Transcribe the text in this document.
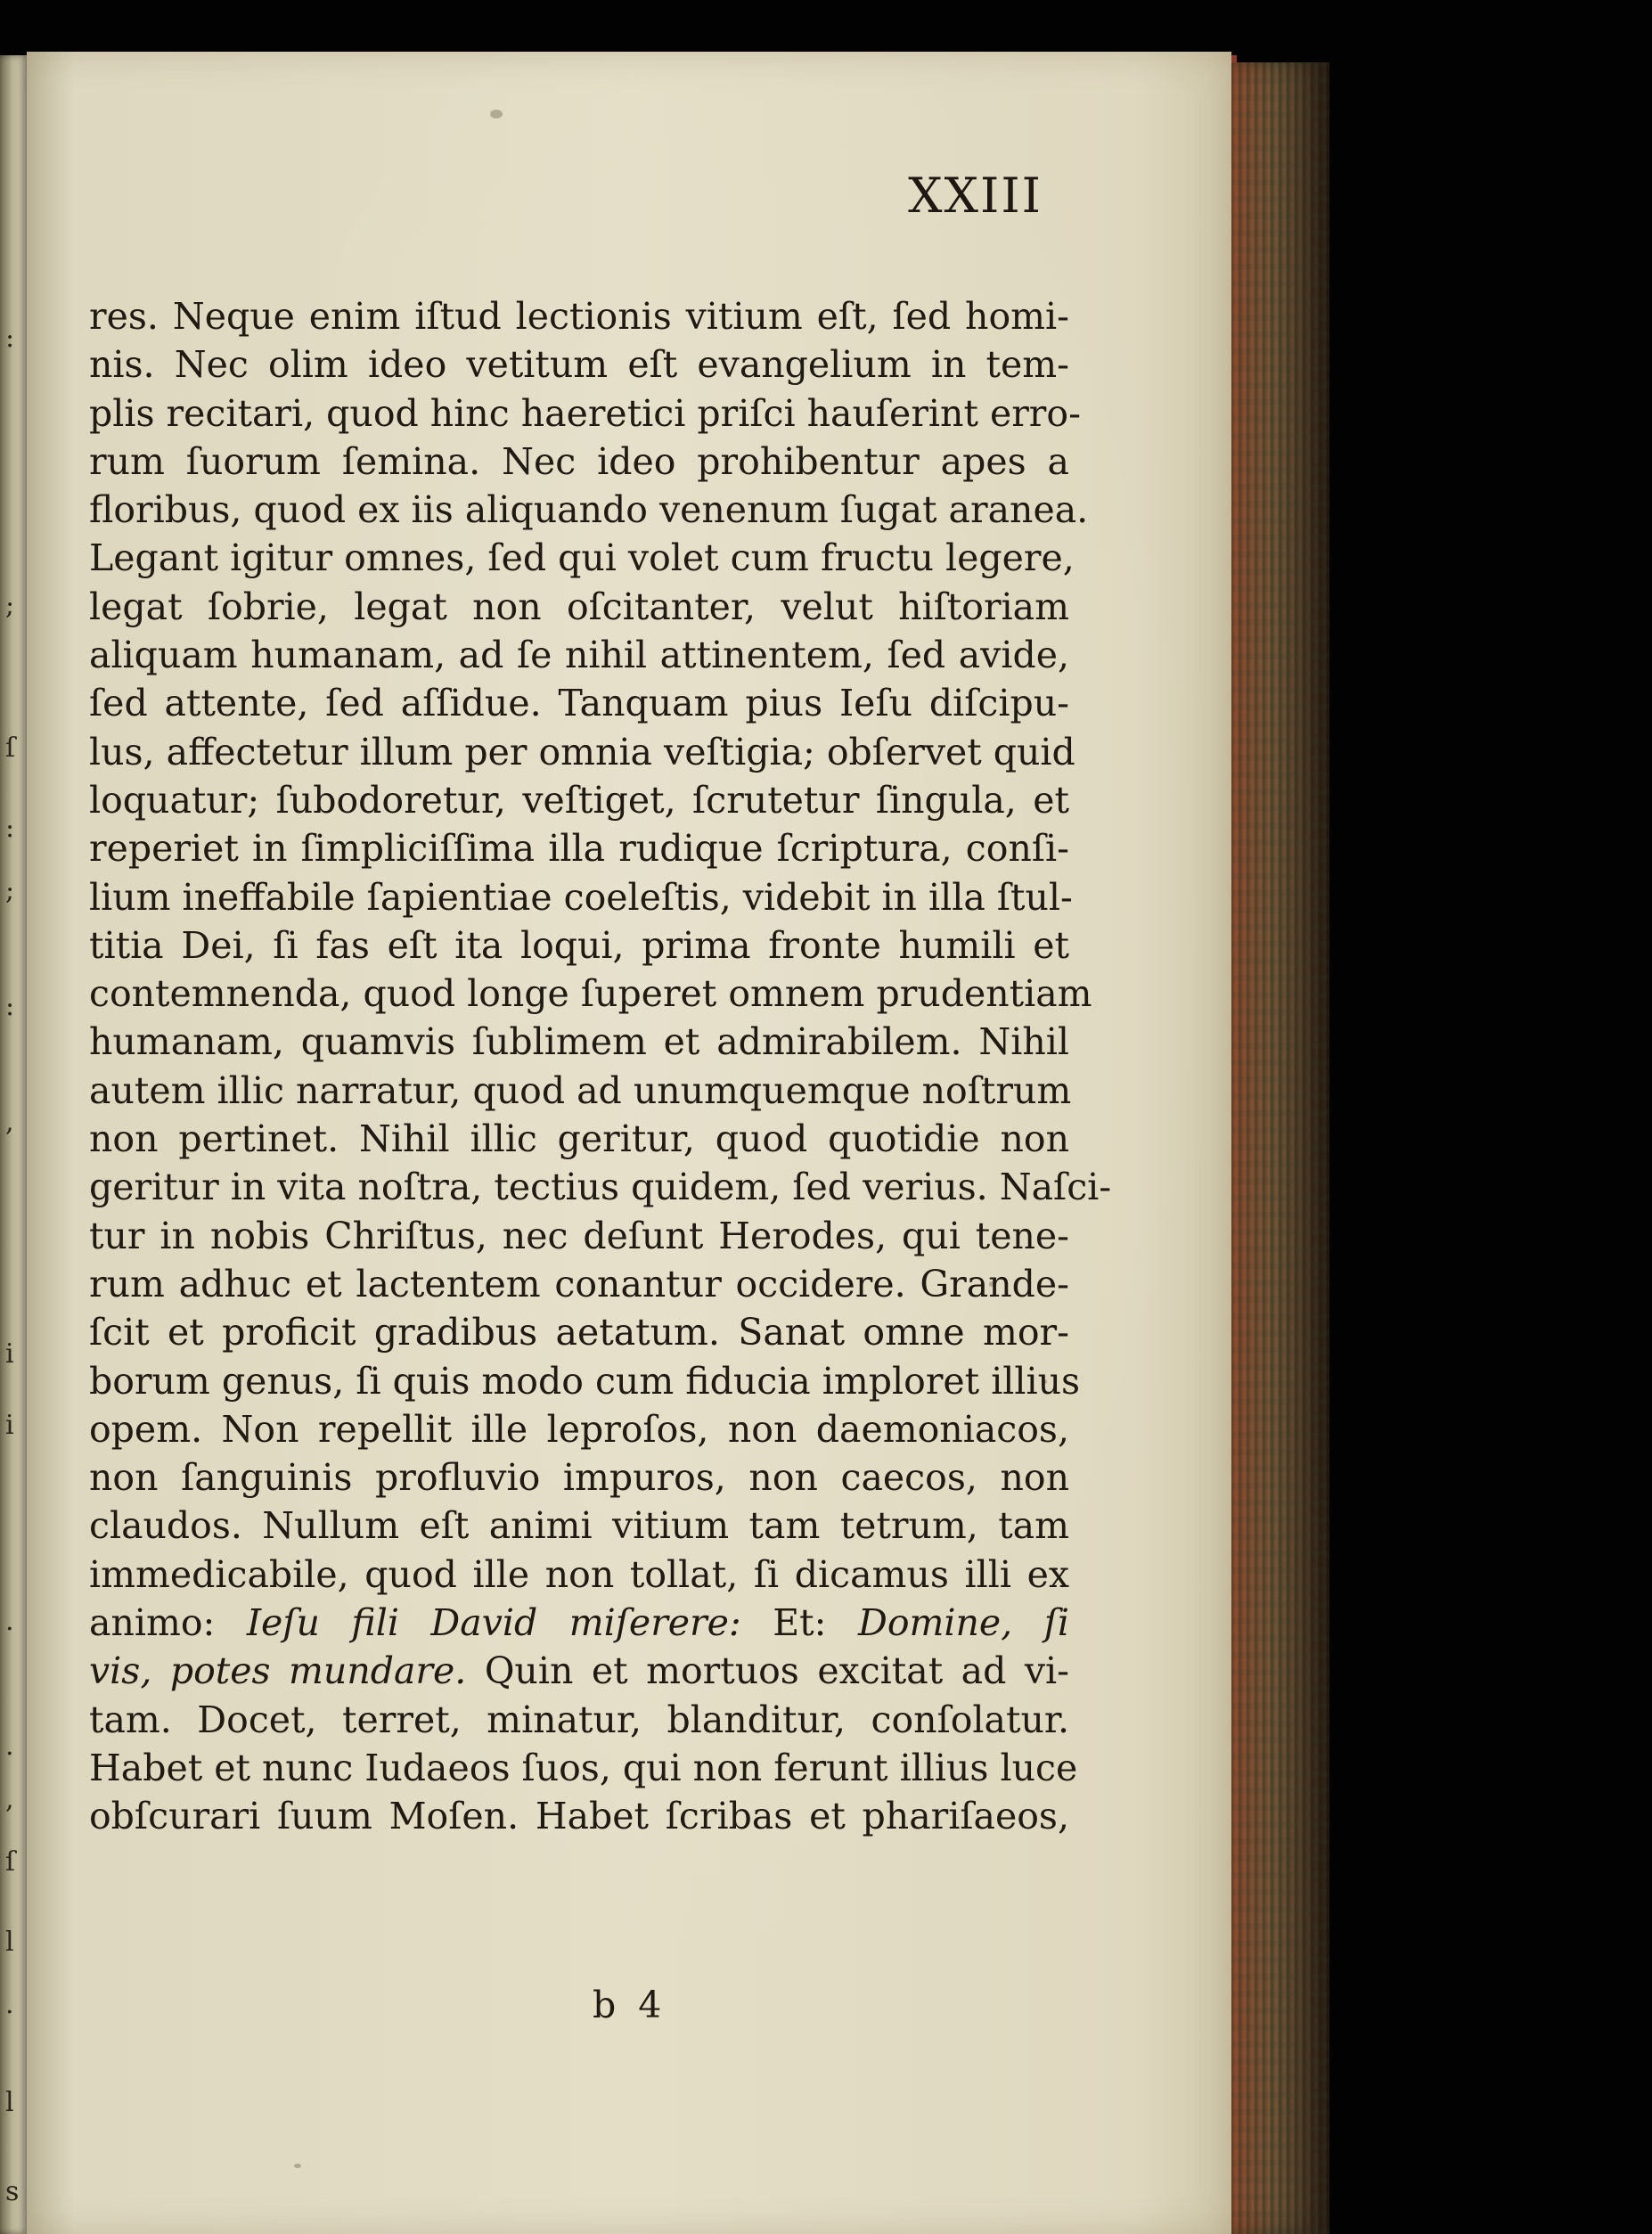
:
;
ſ
:
;
:
,
i
i
.
.
,
ſ
l
.
l
s
XXIII
res. Neque enim iſtud lectionis vitium eſt, ſed homi-
nis. Nec olim ideo vetitum eſt evangelium in tem-
plis recitari, quod hinc haeretici priſci hauſerint erro-
rum ſuorum ſemina. Nec ideo prohibentur apes a
floribus, quod ex iis aliquando venenum ſugat aranea.
Legant igitur omnes, ſed qui volet cum fructu legere,
legat ſobrie, legat non oſcitanter, velut hiſtoriam
aliquam humanam, ad ſe nihil attinentem, ſed avide,
ſed attente, ſed aſſidue. Tanquam pius Ieſu diſcipu-
lus, affectetur illum per omnia veſtigia; obſervet quid
loquatur; ſubodoretur, veſtiget, ſcrutetur ſingula, et
reperiet in ſimpliciſſima illa rudique ſcriptura, conſi-
lium ineffabile ſapientiae coeleſtis, videbit in illa ſtul-
titia Dei, ſi fas eſt ita loqui, prima fronte humili et
contemnenda, quod longe ſuperet omnem prudentiam
humanam, quamvis ſublimem et admirabilem. Nihil
autem illic narratur, quod ad unumquemque noſtrum
non pertinet. Nihil illic geritur, quod quotidie non
geritur in vita noſtra, tectius quidem, ſed verius. Naſci-
tur in nobis Chriſtus, nec deſunt Herodes, qui tene-
rum adhuc et lactentem conantur occidere. Grande-
ſcit et proficit gradibus aetatum. Sanat omne mor-
borum genus, ſi quis modo cum fiducia imploret illius
opem. Non repellit ille leproſos, non daemoniacos,
non ſanguinis profluvio impuros, non caecos, non
claudos. Nullum eſt animi vitium tam tetrum, tam
immedicabile, quod ille non tollat, ſi dicamus illi ex
animo: Ieſu fili David miſerere: Et: Domine, ſi
vis, potes mundare. Quin et mortuos excitat ad vi-
tam. Docet, terret, minatur, blanditur, conſolatur.
Habet et nunc Iudaeos ſuos, qui non ferunt illius luce
obſcurari ſuum Moſen. Habet ſcribas et phariſaeos,
b 4
